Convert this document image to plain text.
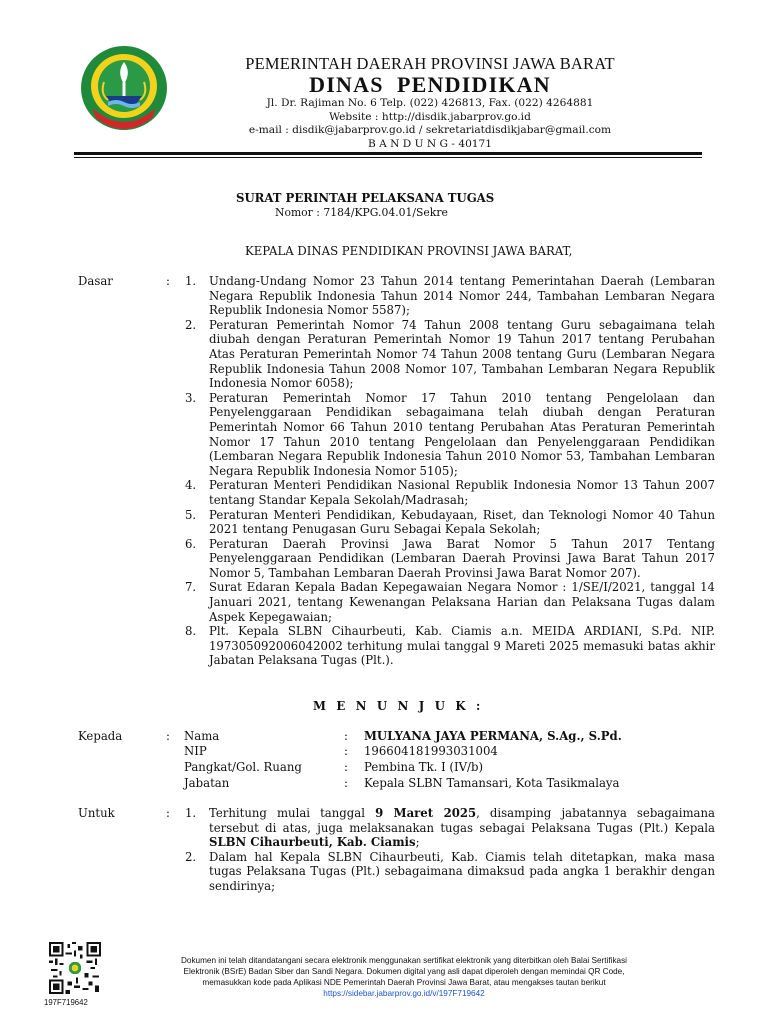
PEMERINTAH DAERAH PROVINSI JAWA BARAT
DINAS  PENDIDIKAN
Jl. Dr. Rajiman No. 6 Telp. (022) 426813, Fax. (022) 4264881
Website : http://disdik.jabarprov.go.id
e-mail : disdik@jabarprov.go.id / sekretariatdisdikjabar@gmail.com
B A N D U N G - 40171
SURAT PERINTAH PELAKSANA TUGAS
Nomor : 7184/KPG.04.01/Sekre
KEPALA DINAS PENDIDIKAN PROVINSI JAWA BARAT,
Dasar	: 1. Undang-Undang Nomor 23 Tahun 2014 tentang Pemerintahan Daerah (Lembaran Negara Republik Indonesia Tahun 2014 Nomor 244, Tambahan Lembaran Negara Republik Indonesia Nomor 5587);
2. Peraturan Pemerintah Nomor 74 Tahun 2008 tentang Guru sebagaimana telah diubah dengan Peraturan Pemerintah Nomor 19 Tahun 2017 tentang Perubahan Atas Peraturan Pemerintah Nomor 74 Tahun 2008 tentang Guru (Lembaran Negara Republik Indonesia Tahun 2008 Nomor 107, Tambahan Lembaran Negara Republik Indonesia Nomor 6058);
3. Peraturan Pemerintah Nomor 17 Tahun 2010 tentang Pengelolaan dan Penyelenggaraan Pendidikan sebagaimana telah diubah dengan Peraturan Pemerintah Nomor 66 Tahun 2010 tentang Perubahan Atas Peraturan Pemerintah Nomor 17 Tahun 2010 tentang Pengelolaan dan Penyelenggaraan Pendidikan (Lembaran Negara Republik Indonesia Tahun 2010 Nomor 53, Tambahan Lembaran Negara Republik Indonesia Nomor 5105);
4. Peraturan Menteri Pendidikan Nasional Republik Indonesia Nomor 13 Tahun 2007 tentang Standar Kepala Sekolah/Madrasah;
5. Peraturan Menteri Pendidikan, Kebudayaan, Riset, dan Teknologi Nomor 40 Tahun 2021 tentang Penugasan Guru Sebagai Kepala Sekolah;
6. Peraturan Daerah Provinsi Jawa Barat Nomor 5 Tahun 2017 Tentang Penyelenggaraan Pendidikan (Lembaran Daerah Provinsi Jawa Barat Tahun 2017 Nomor 5, Tambahan Lembaran Daerah Provinsi Jawa Barat Nomor 207).
7. Surat Edaran Kepala Badan Kepegawaian Negara Nomor : 1/SE/I/2021, tanggal 14 Januari 2021, tentang Kewenangan Pelaksana Harian dan Pelaksana Tugas dalam Aspek Kepegawaian;
8. Plt. Kepala SLBN Cihaurbeuti, Kab. Ciamis a.n. MEIDA ARDIANI, S.Pd. NIP. 197305092006042002 terhitung mulai tanggal 9 Mareti 2025 memasuki batas akhir Jabatan Pelaksana Tugas (Plt.).
M E N U N J U K :
Kepada	: Nama	: MULYANA JAYA PERMANA, S.Ag., S.Pd.
NIP	: 196604181993031004
Pangkat/Gol. Ruang	: Pembina Tk. I (IV/b)
Jabatan	: Kepala SLBN Tamansari, Kota Tasikmalaya
Untuk	: 1. Terhitung mulai tanggal 9 Maret 2025, disamping jabatannya sebagaimana tersebut di atas, juga melaksanakan tugas sebagai Pelaksana Tugas (Plt.) Kepala SLBN Cihaurbeuti, Kab. Ciamis;
2. Dalam hal Kepala SLBN Cihaurbeuti, Kab. Ciamis telah ditetapkan, maka masa tugas Pelaksana Tugas (Plt.) sebagaimana dimaksud pada angka 1 berakhir dengan sendirinya;
197F719642
Dokumen ini telah ditandatangani secara elektronik menggunakan sertifikat elektronik yang diterbitkan oleh Balai Sertifikasi
Elektronik (BSrE) Badan Siber dan Sandi Negara. Dokumen digital yang asli dapat diperoleh dengan memindai QR Code,
memasukkan kode pada Aplikasi NDE Pemerintah Daerah Provinsi Jawa Barat, atau mengakses tautan berikut
https://sidebar.jabarprov.go.id/v/197F719642
